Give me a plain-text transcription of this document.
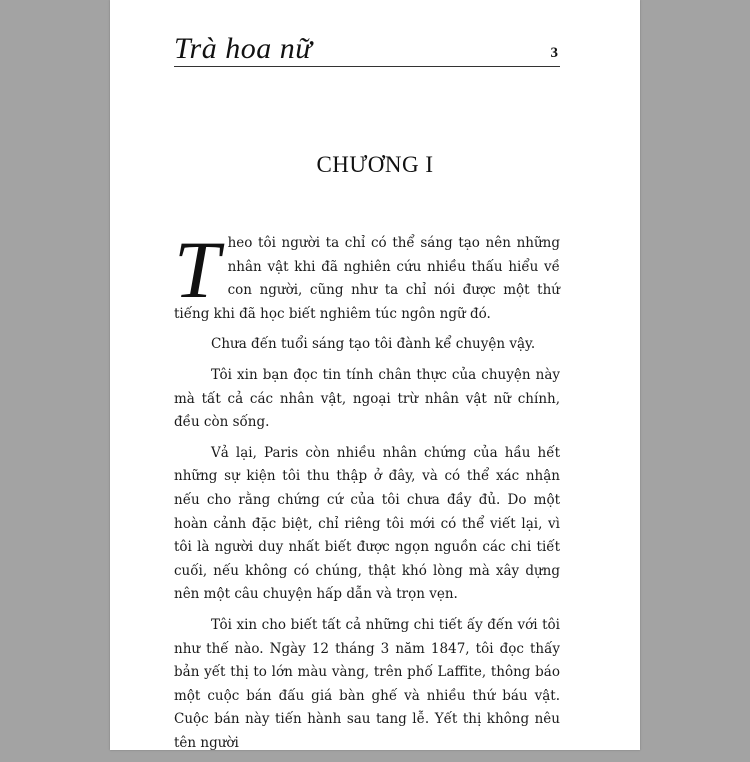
Trà hoa nữ	3
CHƯƠNG I

Theo tôi người ta chỉ có thể sáng tạo nên những nhân vật khi đã nghiên cứu nhiều thấu hiểu về con người, cũng như ta chỉ nói được một thứ tiếng khi đã học biết nghiêm túc ngôn ngữ đó.

Chưa đến tuổi sáng tạo tôi đành kể chuyện vậy.

Tôi xin bạn đọc tin tính chân thực của chuyện này mà tất cả các nhân vật, ngoại trừ nhân vật nữ chính, đều còn sống.

Vả lại, Paris còn nhiều nhân chứng của hầu hết những sự kiện tôi thu thập ở đây, và có thể xác nhận nếu cho rằng chứng cứ của tôi chưa đầy đủ. Do một hoàn cảnh đặc biệt, chỉ riêng tôi mới có thể viết lại, vì tôi là người duy nhất biết được ngọn nguồn các chi tiết cuối, nếu không có chúng, thật khó lòng mà xây dựng nên một câu chuyện hấp dẫn và trọn vẹn.

Tôi xin cho biết tất cả những chi tiết ấy đến với tôi như thế nào. Ngày 12 tháng 3 năm 1847, tôi đọc thấy bản yết thị to lớn màu vàng, trên phố Laffite, thông báo một cuộc bán đấu giá bàn ghế và nhiều thứ báu vật. Cuộc bán này tiến hành sau tang lễ. Yết thị không nêu tên người
